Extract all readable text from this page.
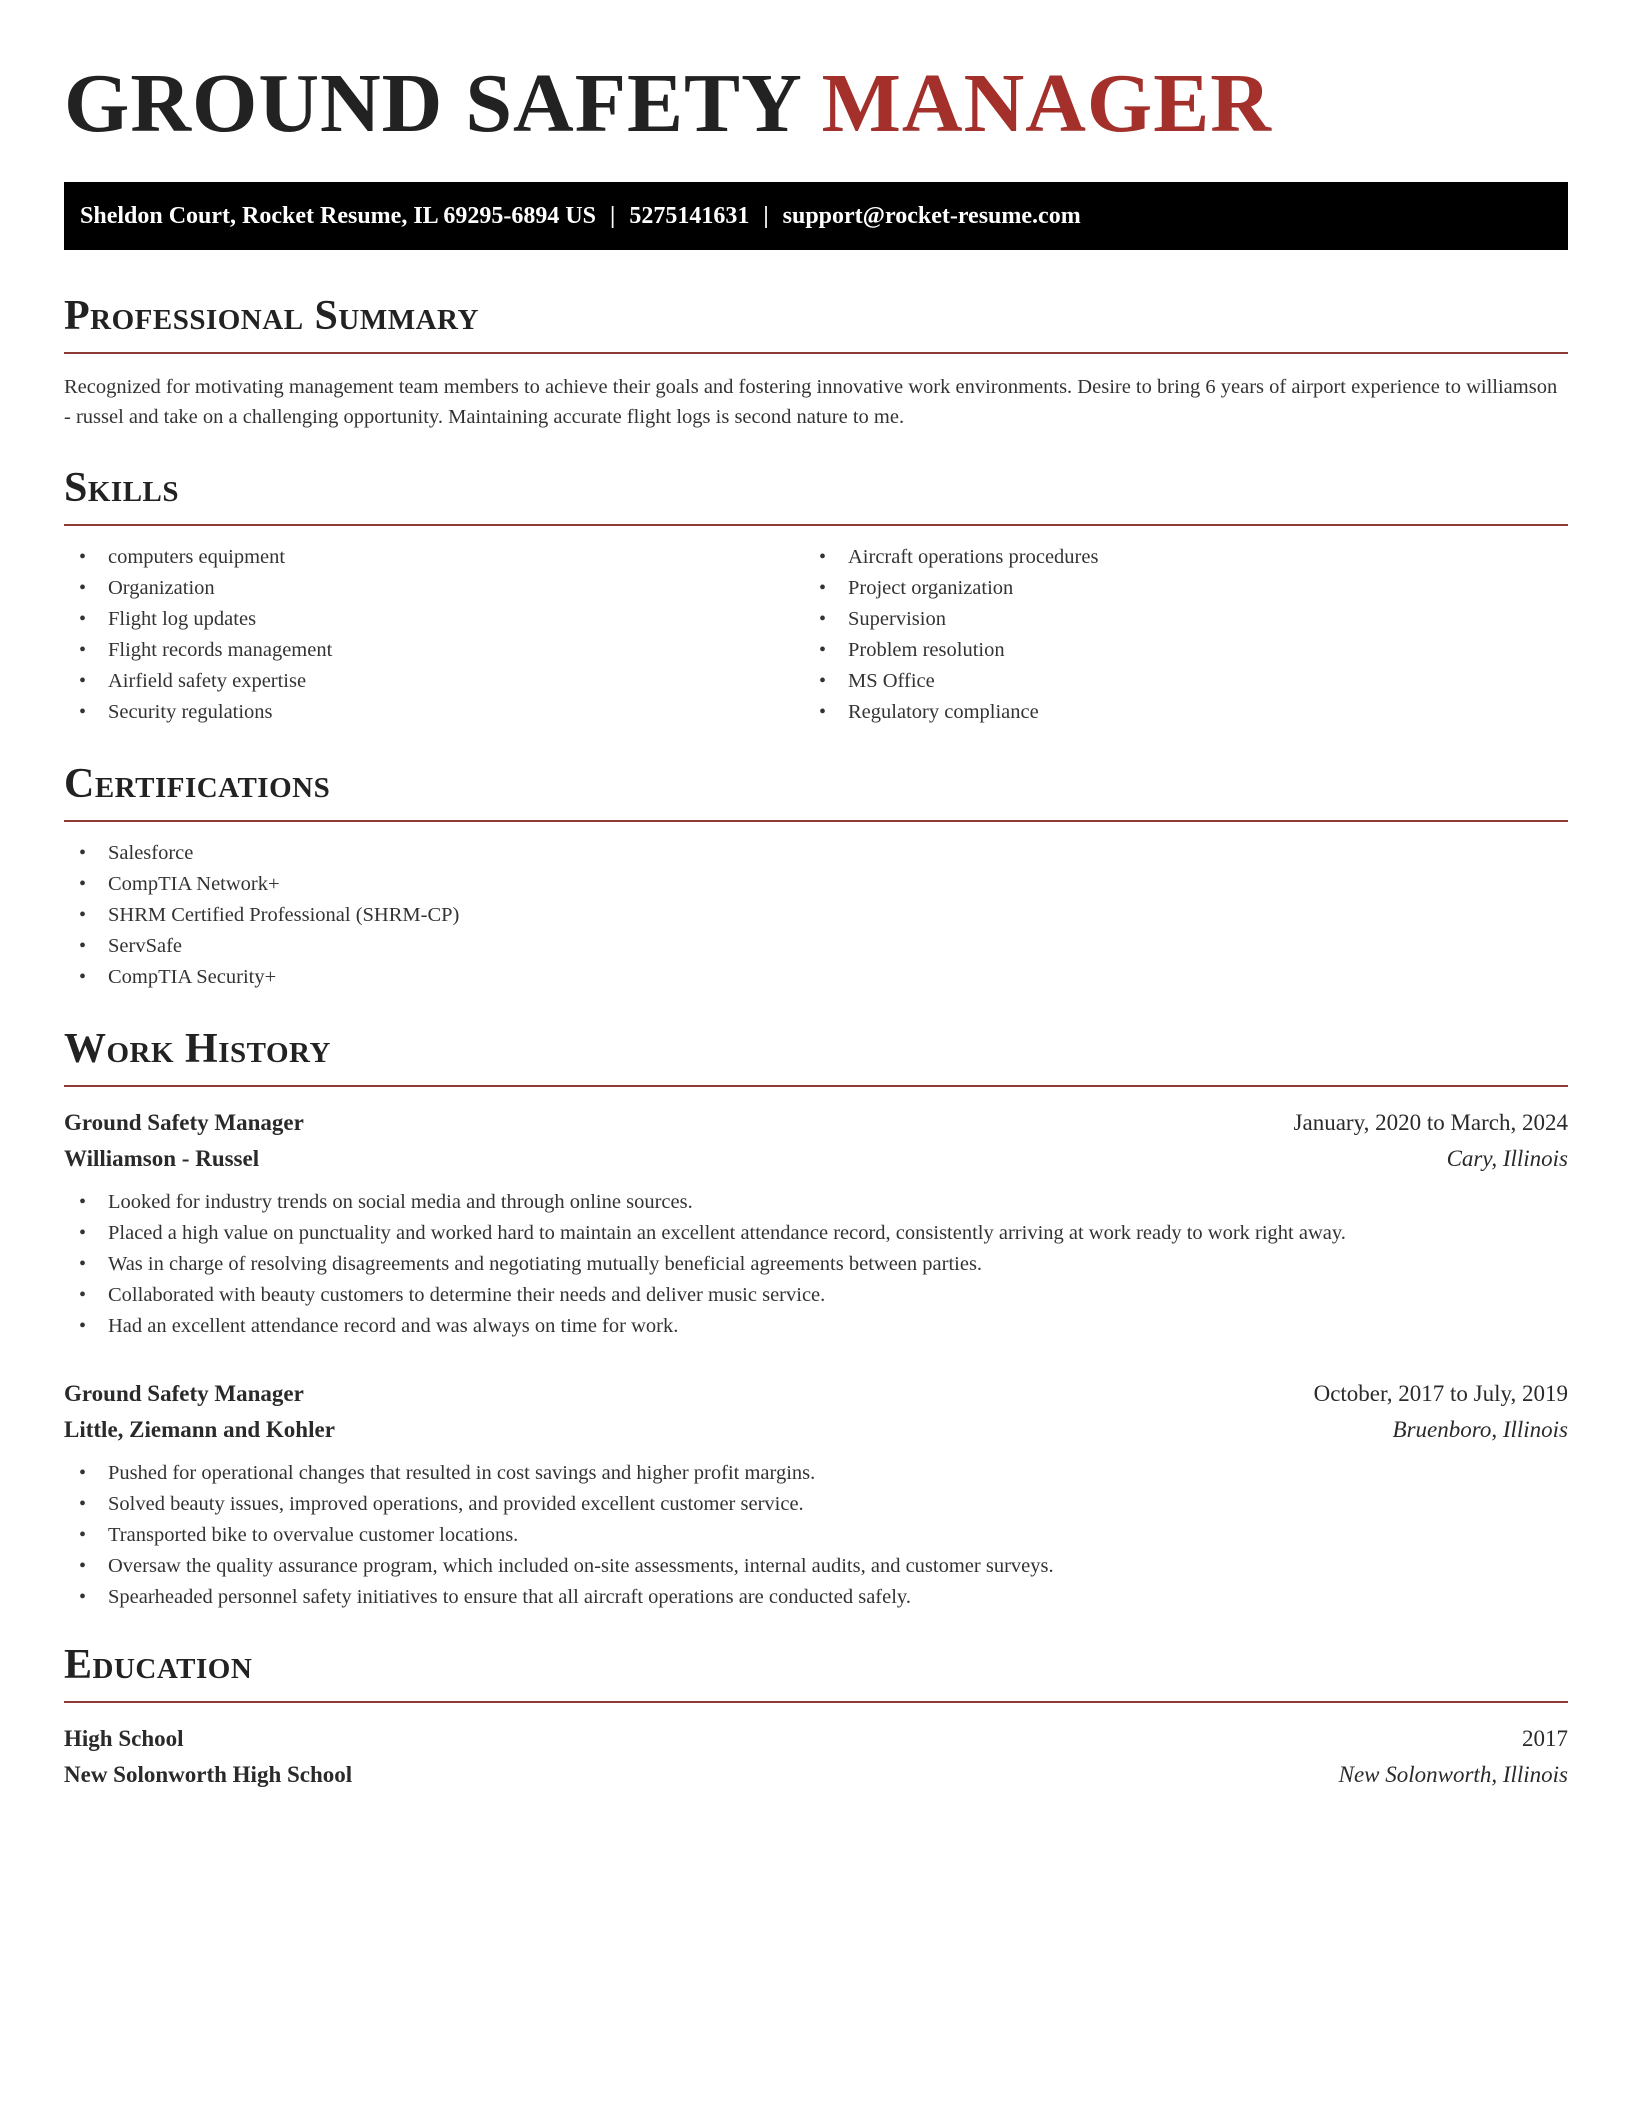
GROUND SAFETY MANAGER
Sheldon Court, Rocket Resume, IL 69295-6894 US | 5275141631 | support@rocket-resume.com
Professional Summary

Recognized for motivating management team members to achieve their goals and fostering innovative work environments. Desire to bring 6 years of airport experience to williamson - russel and take on a challenging opportunity. Maintaining accurate flight logs is second nature to me.

Skills
• computers equipment
• Organization
• Flight log updates
• Flight records management
• Airfield safety expertise
• Security regulations
• Aircraft operations procedures
• Project organization
• Supervision
• Problem resolution
• MS Office
• Regulatory compliance
Certifications
• Salesforce
• CompTIA Network+
• SHRM Certified Professional (SHRM-CP)
• ServSafe
• CompTIA Security+
Work History
Ground Safety Manager	January, 2020 to March, 2024
Williamson - Russel	Cary, Illinois
• Looked for industry trends on social media and through online sources.
• Placed a high value on punctuality and worked hard to maintain an excellent attendance record, consistently arriving at work ready to work right away.
• Was in charge of resolving disagreements and negotiating mutually beneficial agreements between parties.
• Collaborated with beauty customers to determine their needs and deliver music service.
• Had an excellent attendance record and was always on time for work.
Ground Safety Manager	October, 2017 to July, 2019
Little, Ziemann and Kohler	Bruenboro, Illinois
• Pushed for operational changes that resulted in cost savings and higher profit margins.
• Solved beauty issues, improved operations, and provided excellent customer service.
• Transported bike to overvalue customer locations.
• Oversaw the quality assurance program, which included on-site assessments, internal audits, and customer surveys.
• Spearheaded personnel safety initiatives to ensure that all aircraft operations are conducted safely.
Education
High School	2017
New Solonworth High School	New Solonworth, Illinois
